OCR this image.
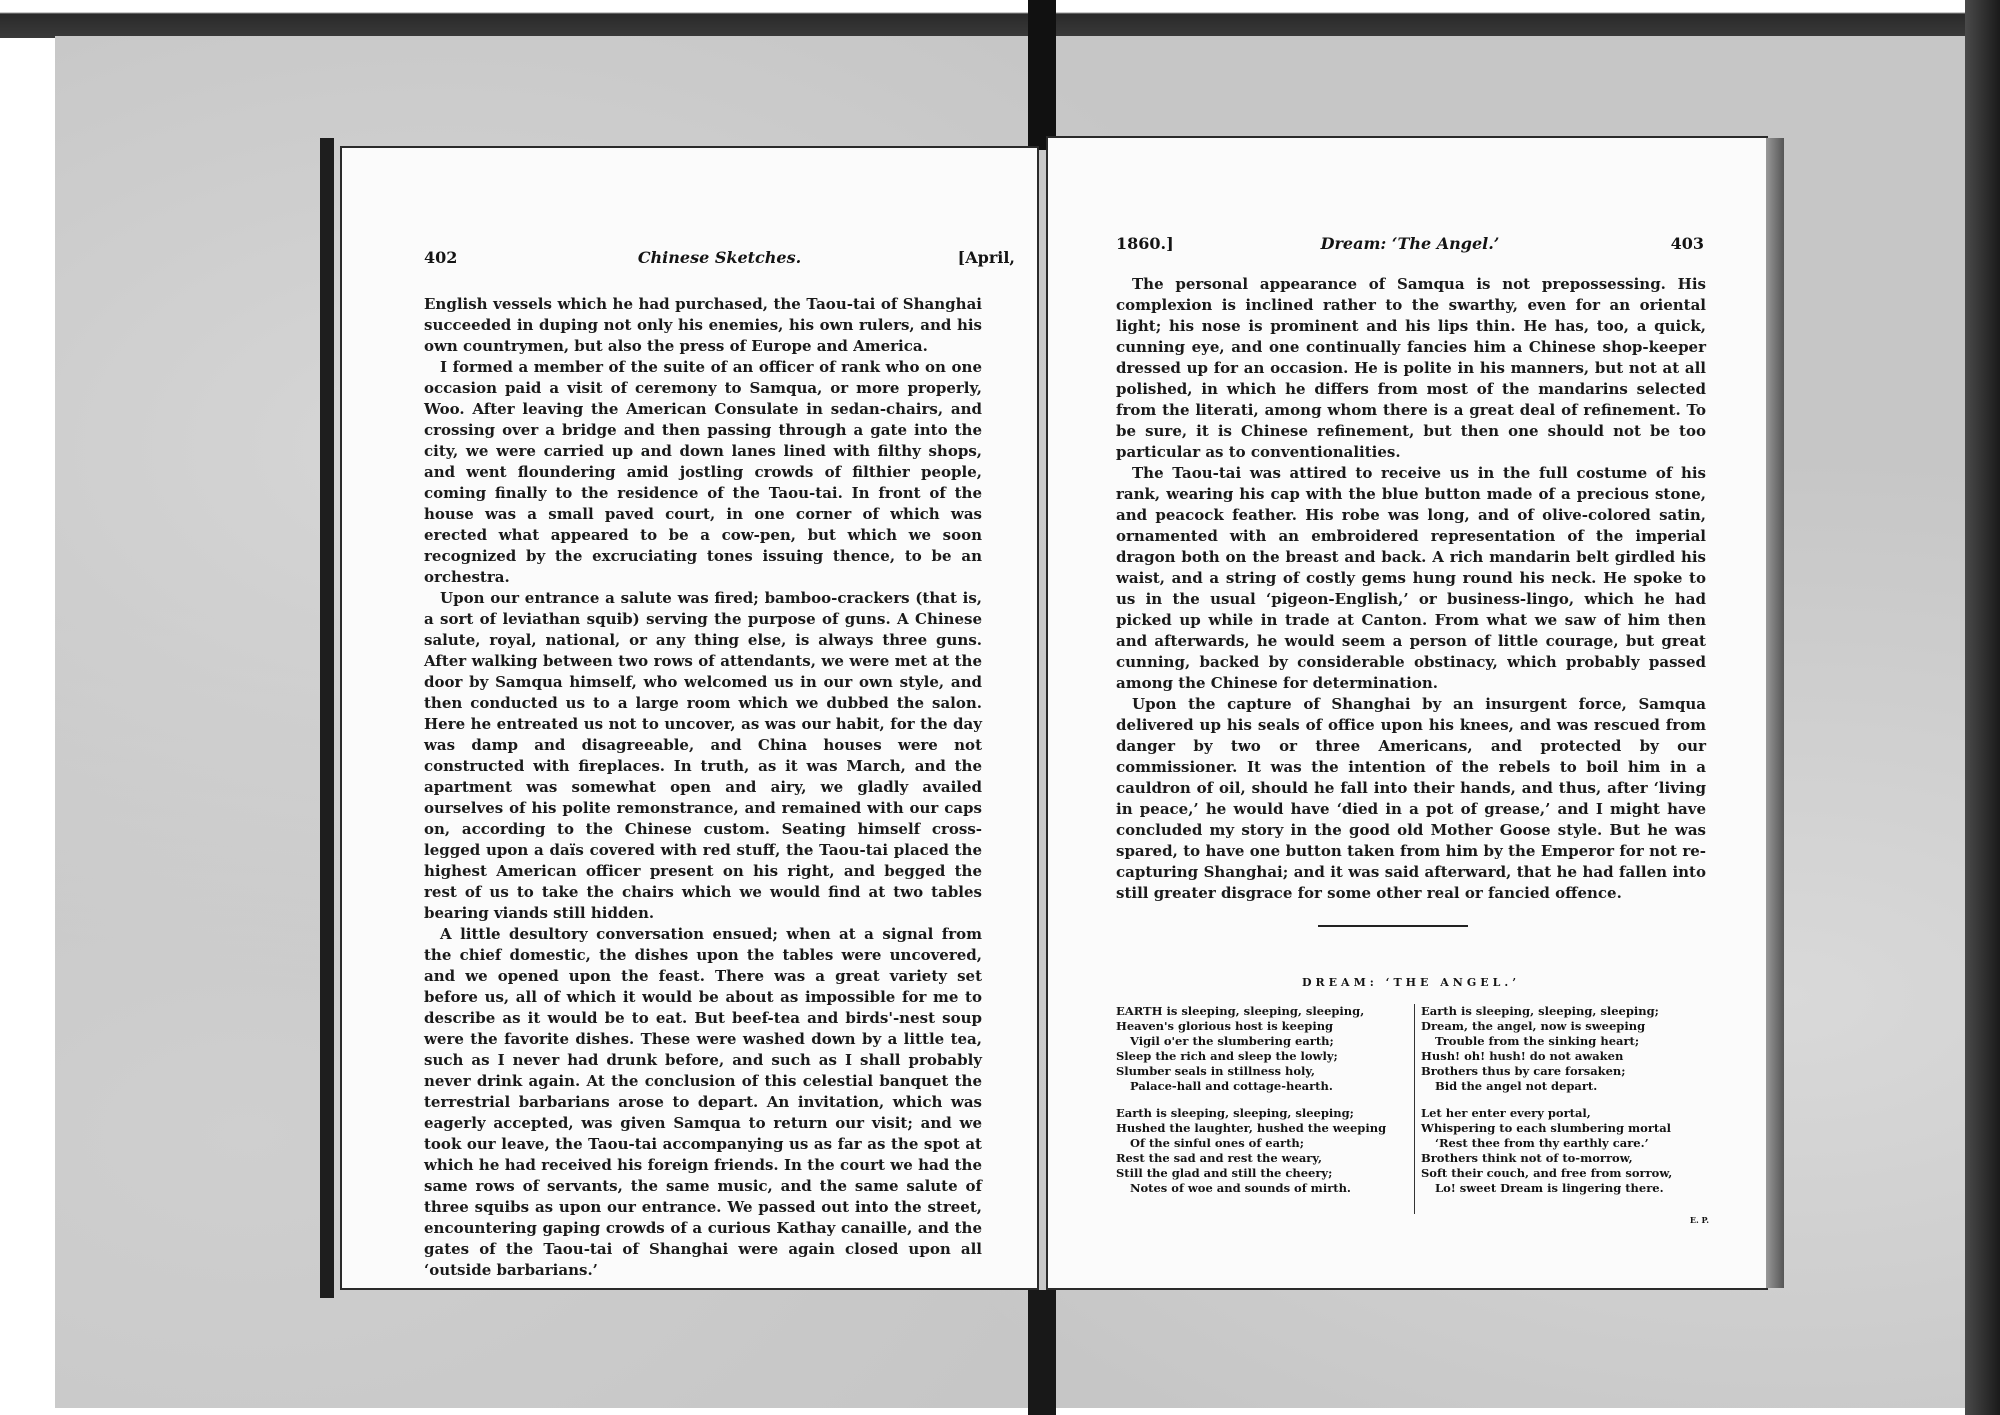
402	Chinese Sketches.	[April,

English vessels which he had purchased, the Taou-tai of Shanghai succeeded in duping not only his enemies, his own rulers, and his own countrymen, but also the press of Europe and America.

I formed a member of the suite of an officer of rank who on one occasion paid a visit of ceremony to Samqua, or more properly, Woo. After leaving the American Consulate in sedan-chairs, and crossing over a bridge and then passing through a gate into the city, we were carried up and down lanes lined with filthy shops, and went floundering amid jostling crowds of filthier people, coming finally to the residence of the Taou-tai. In front of the house was a small paved court, in one corner of which was erected what appeared to be a cow-pen, but which we soon recognized by the excruciating tones issuing thence, to be an orchestra.

Upon our entrance a salute was fired; bamboo-crackers (that is, a sort of leviathan squib) serving the purpose of guns. A Chinese salute, royal, national, or any thing else, is always three guns. After walking between two rows of attendants, we were met at the door by Samqua himself, who welcomed us in our own style, and then conducted us to a large room which we dubbed the salon. Here he entreated us not to uncover, as was our habit, for the day was damp and disagreeable, and China houses were not constructed with fireplaces. In truth, as it was March, and the apartment was somewhat open and airy, we gladly availed ourselves of his polite remonstrance, and remained with our caps on, according to the Chinese custom. Seating himself cross-legged upon a daïs covered with red stuff, the Taou-tai placed the highest American officer present on his right, and begged the rest of us to take the chairs which we would find at two tables bearing viands still hidden.

A little desultory conversation ensued; when at a signal from the chief domestic, the dishes upon the tables were uncovered, and we opened upon the feast. There was a great variety set before us, all of which it would be about as impossible for me to describe as it would be to eat. But beef-tea and birds'-nest soup were the favorite dishes. These were washed down by a little tea, such as I never had drunk before, and such as I shall probably never drink again. At the conclusion of this celestial banquet the terrestrial barbarians arose to depart. An invitation, which was eagerly accepted, was given Samqua to return our visit; and we took our leave, the Taou-tai accompanying us as far as the spot at which he had received his foreign friends. In the court we had the same rows of servants, the same music, and the same salute of three squibs as upon our entrance. We passed out into the street, encountering gaping crowds of a curious Kathay canaille, and the gates of the Taou-tai of Shanghai were again closed upon all ‘outside barbarians.’

1860.]	Dream: ‘The Angel.’	403

The personal appearance of Samqua is not prepossessing. His complexion is inclined rather to the swarthy, even for an oriental light; his nose is prominent and his lips thin. He has, too, a quick, cunning eye, and one continually fancies him a Chinese shop-keeper dressed up for an occasion. He is polite in his manners, but not at all polished, in which he differs from most of the mandarins selected from the literati, among whom there is a great deal of refinement. To be sure, it is Chinese refinement, but then one should not be too particular as to conventionalities.

The Taou-tai was attired to receive us in the full costume of his rank, wearing his cap with the blue button made of a precious stone, and peacock feather. His robe was long, and of olive-colored satin, ornamented with an embroidered representation of the imperial dragon both on the breast and back. A rich mandarin belt girdled his waist, and a string of costly gems hung round his neck. He spoke to us in the usual ‘pigeon-English,’ or business-lingo, which he had picked up while in trade at Canton. From what we saw of him then and afterwards, he would seem a person of little courage, but great cunning, backed by considerable obstinacy, which probably passed among the Chinese for determination.

Upon the capture of Shanghai by an insurgent force, Samqua delivered up his seals of office upon his knees, and was rescued from danger by two or three Americans, and protected by our commissioner. It was the intention of the rebels to boil him in a cauldron of oil, should he fall into their hands, and thus, after ‘living in peace,’ he would have ‘died in a pot of grease,’ and I might have concluded my story in the good old Mother Goose style. But he was spared, to have one button taken from him by the Emperor for not re-capturing Shanghai; and it was said afterward, that he had fallen into still greater disgrace for some other real or fancied offence.

DREAM: ‘THE ANGEL.’
EARTH is sleeping, sleeping, sleeping,
Heaven's glorious host is keeping
Vigil o'er the slumbering earth;
Sleep the rich and sleep the lowly;
Slumber seals in stillness holy,
Palace-hall and cottage-hearth.
Earth is sleeping, sleeping, sleeping;
Hushed the laughter, hushed the weeping
Of the sinful ones of earth;
Rest the sad and rest the weary,
Still the glad and still the cheery;
Notes of woe and sounds of mirth.
Earth is sleeping, sleeping, sleeping;
Dream, the angel, now is sweeping
Trouble from the sinking heart;
Hush! oh! hush! do not awaken
Brothers thus by care forsaken;
Bid the angel not depart.
Let her enter every portal,
Whispering to each slumbering mortal
‘Rest thee from thy earthly care.’
Brothers think not of to-morrow,
Soft their couch, and free from sorrow,
Lo! sweet Dream is lingering there.
E. P.
